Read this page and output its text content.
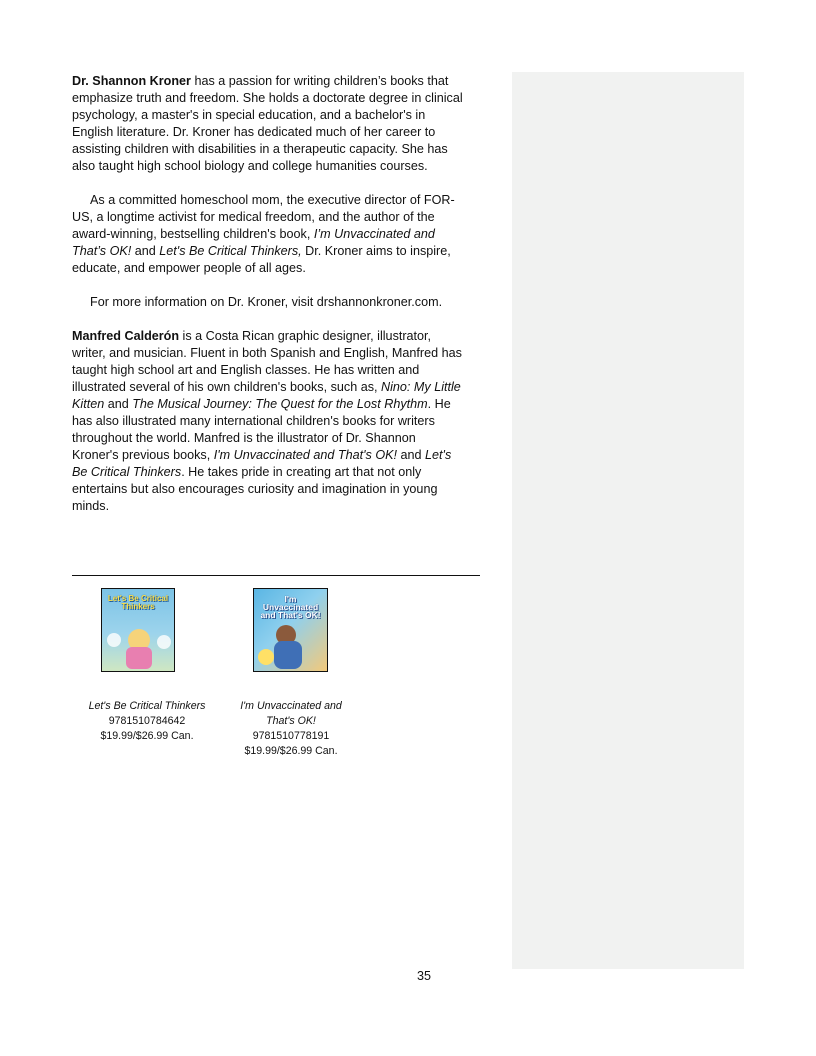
Dr. Shannon Kroner has a passion for writing children’s books that emphasize truth and freedom. She holds a doctorate degree in clinical psychology, a master's in special education, and a bachelor's in English literature. Dr. Kroner has dedicated much of her career to assisting children with disabilities in a therapeutic capacity. She has also taught high school biology and college humanities courses.

As a committed homeschool mom, the executive director of FOR-US, a longtime activist for medical freedom, and the author of the award-winning, bestselling children's book, I’m Unvaccinated and That’s OK! and Let's Be Critical Thinkers, Dr. Kroner aims to inspire, educate, and empower people of all ages.

For more information on Dr. Kroner, visit drshannonkroner.com.

Manfred Calderón is a Costa Rican graphic designer, illustrator, writer, and musician. Fluent in both Spanish and English, Manfred has taught high school art and English classes. He has written and illustrated several of his own children's books, such as, Nino: My Little Kitten and The Musical Journey: The Quest for the Lost Rhythm. He has also illustrated many international children's books for writers throughout the world. Manfred is the illustrator of Dr. Shannon Kroner's previous books, I'm Unvaccinated and That's OK! and Let's Be Critical Thinkers. He takes pride in creating art that not only entertains but also encourages curiosity and imagination in young minds.

Let's Be Critical Thinkers
I'm Unvaccinated and That's OK!
Let's Be Critical Thinkers
9781510784642
$19.99/$26.99 Can.
I'm Unvaccinated and That's OK!
9781510778191
$19.99/$26.99 Can.
35
